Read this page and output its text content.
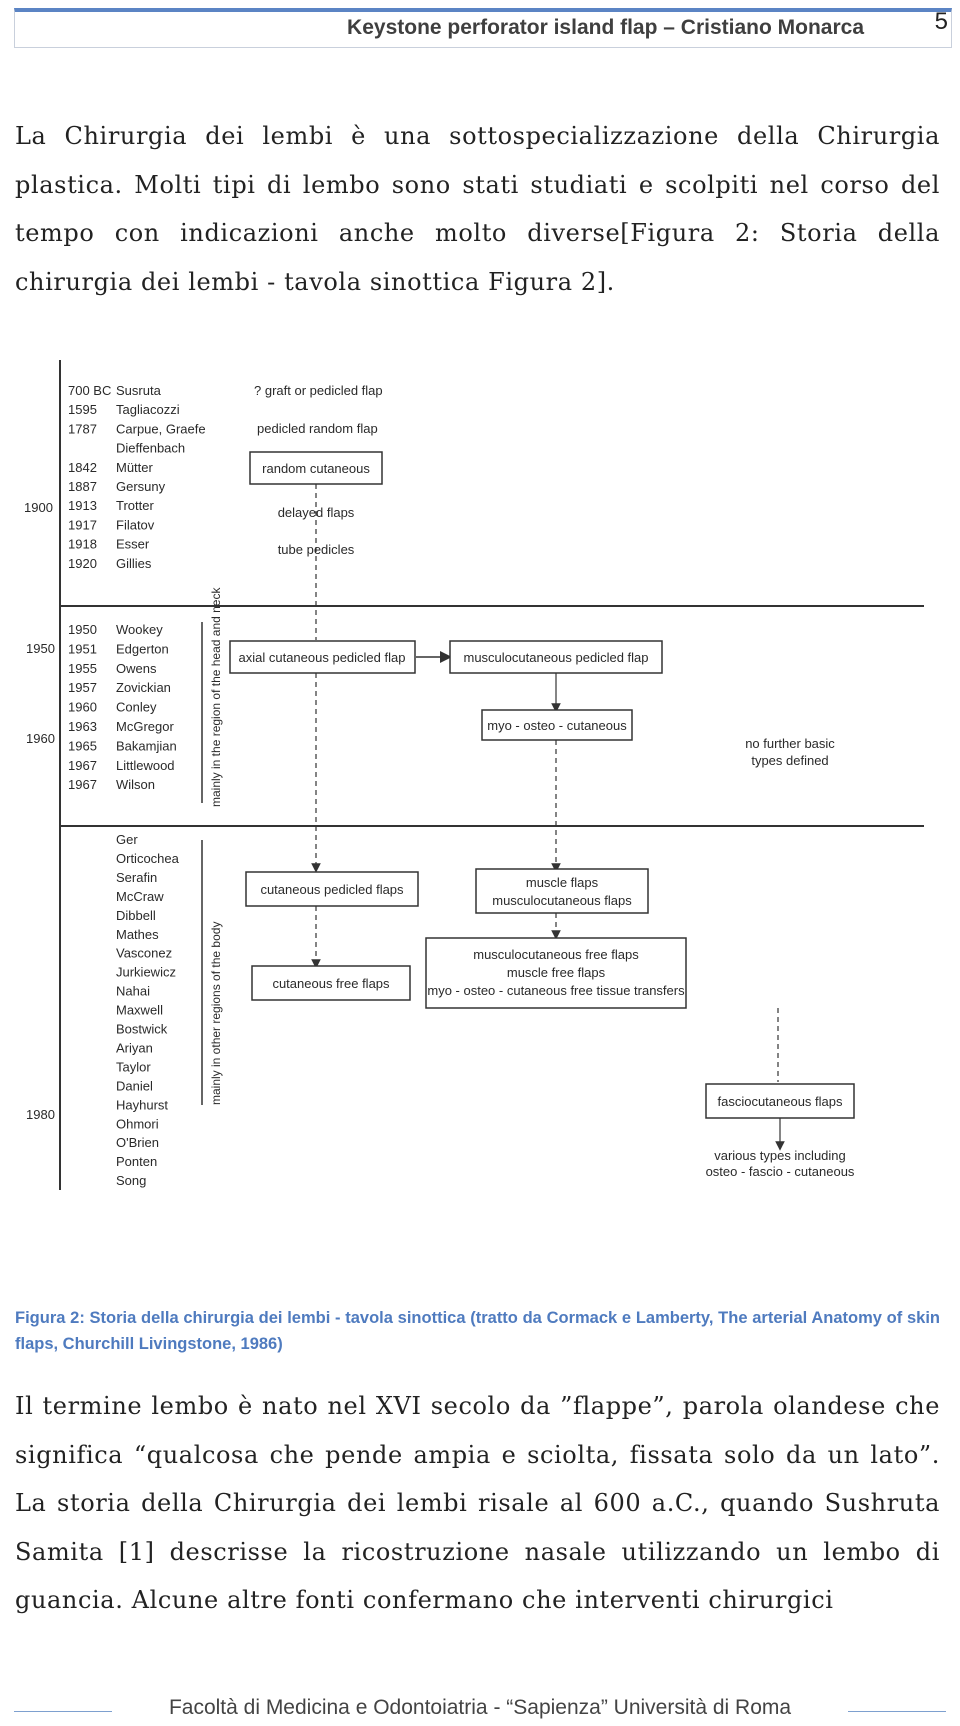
Keystone perforator island flap – Cristiano Monarca	5

La Chirurgia dei lembi è una sottospecializzazione della Chirurgia plastica. Molti tipi di lembo sono stati studiati e scolpiti nel corso del tempo con indicazioni anche molto diverse[Figura 2: Storia della chirurgia dei lembi - tavola sinottica Figura 2].

1900
1950
1960
1980
700 BC Susruta
1595 Tagliacozzi
1787 Carpue, Graefe
Dieffenbach
1842 Mütter
1887 Gersuny
1913 Trotter
1917 Filatov
1918 Esser
1920 Gillies
1950 Wookey
1951 Edgerton
1955 Owens
1957 Zovickian
1960 Conley
1963 McGregor
1965 Bakamjian
1967 Littlewood
1967 Wilson
Ger
Orticochea
Serafin
McCraw
Dibbell
Mathes
Vasconez
Jurkiewicz
Nahai
Maxwell
Bostwick
Ariyan
Taylor
Daniel
Hayhurst
Ohmori
O'Brien
Ponten
Song
mainly in the region of the head and neck
mainly in other regions of the body
? graft or pedicled flap
pedicled random flap
random cutaneous
delayed flaps
tube pedicles
axial cutaneous pedicled flap	musculocutaneous pedicled flap
myo - osteo - cutaneous
no further basic
types defined
cutaneous pedicled flaps	muscle flaps
musculocutaneous flaps
musculocutaneous free flaps
muscle free flaps
myo - osteo - cutaneous free tissue transfers
cutaneous free flaps
fasciocutaneous flaps
various types including
osteo - fascio - cutaneous

Figura 2: Storia della chirurgia dei lembi - tavola sinottica (tratto da Cormack e Lamberty, The arterial Anatomy of skin flaps, Churchill Livingstone, 1986)

Il termine lembo è nato nel XVI secolo da ”flappe”, parola olandese che significa “qualcosa che pende ampia e sciolta, fissata solo da un lato”. La storia della Chirurgia dei lembi risale al 600 a.C., quando Sushruta Samita [1] descrisse la ricostruzione nasale utilizzando un lembo di guancia. Alcune altre fonti confermano che interventi chirurgici

Facoltà di Medicina e Odontoiatria - “Sapienza” Università di Roma
